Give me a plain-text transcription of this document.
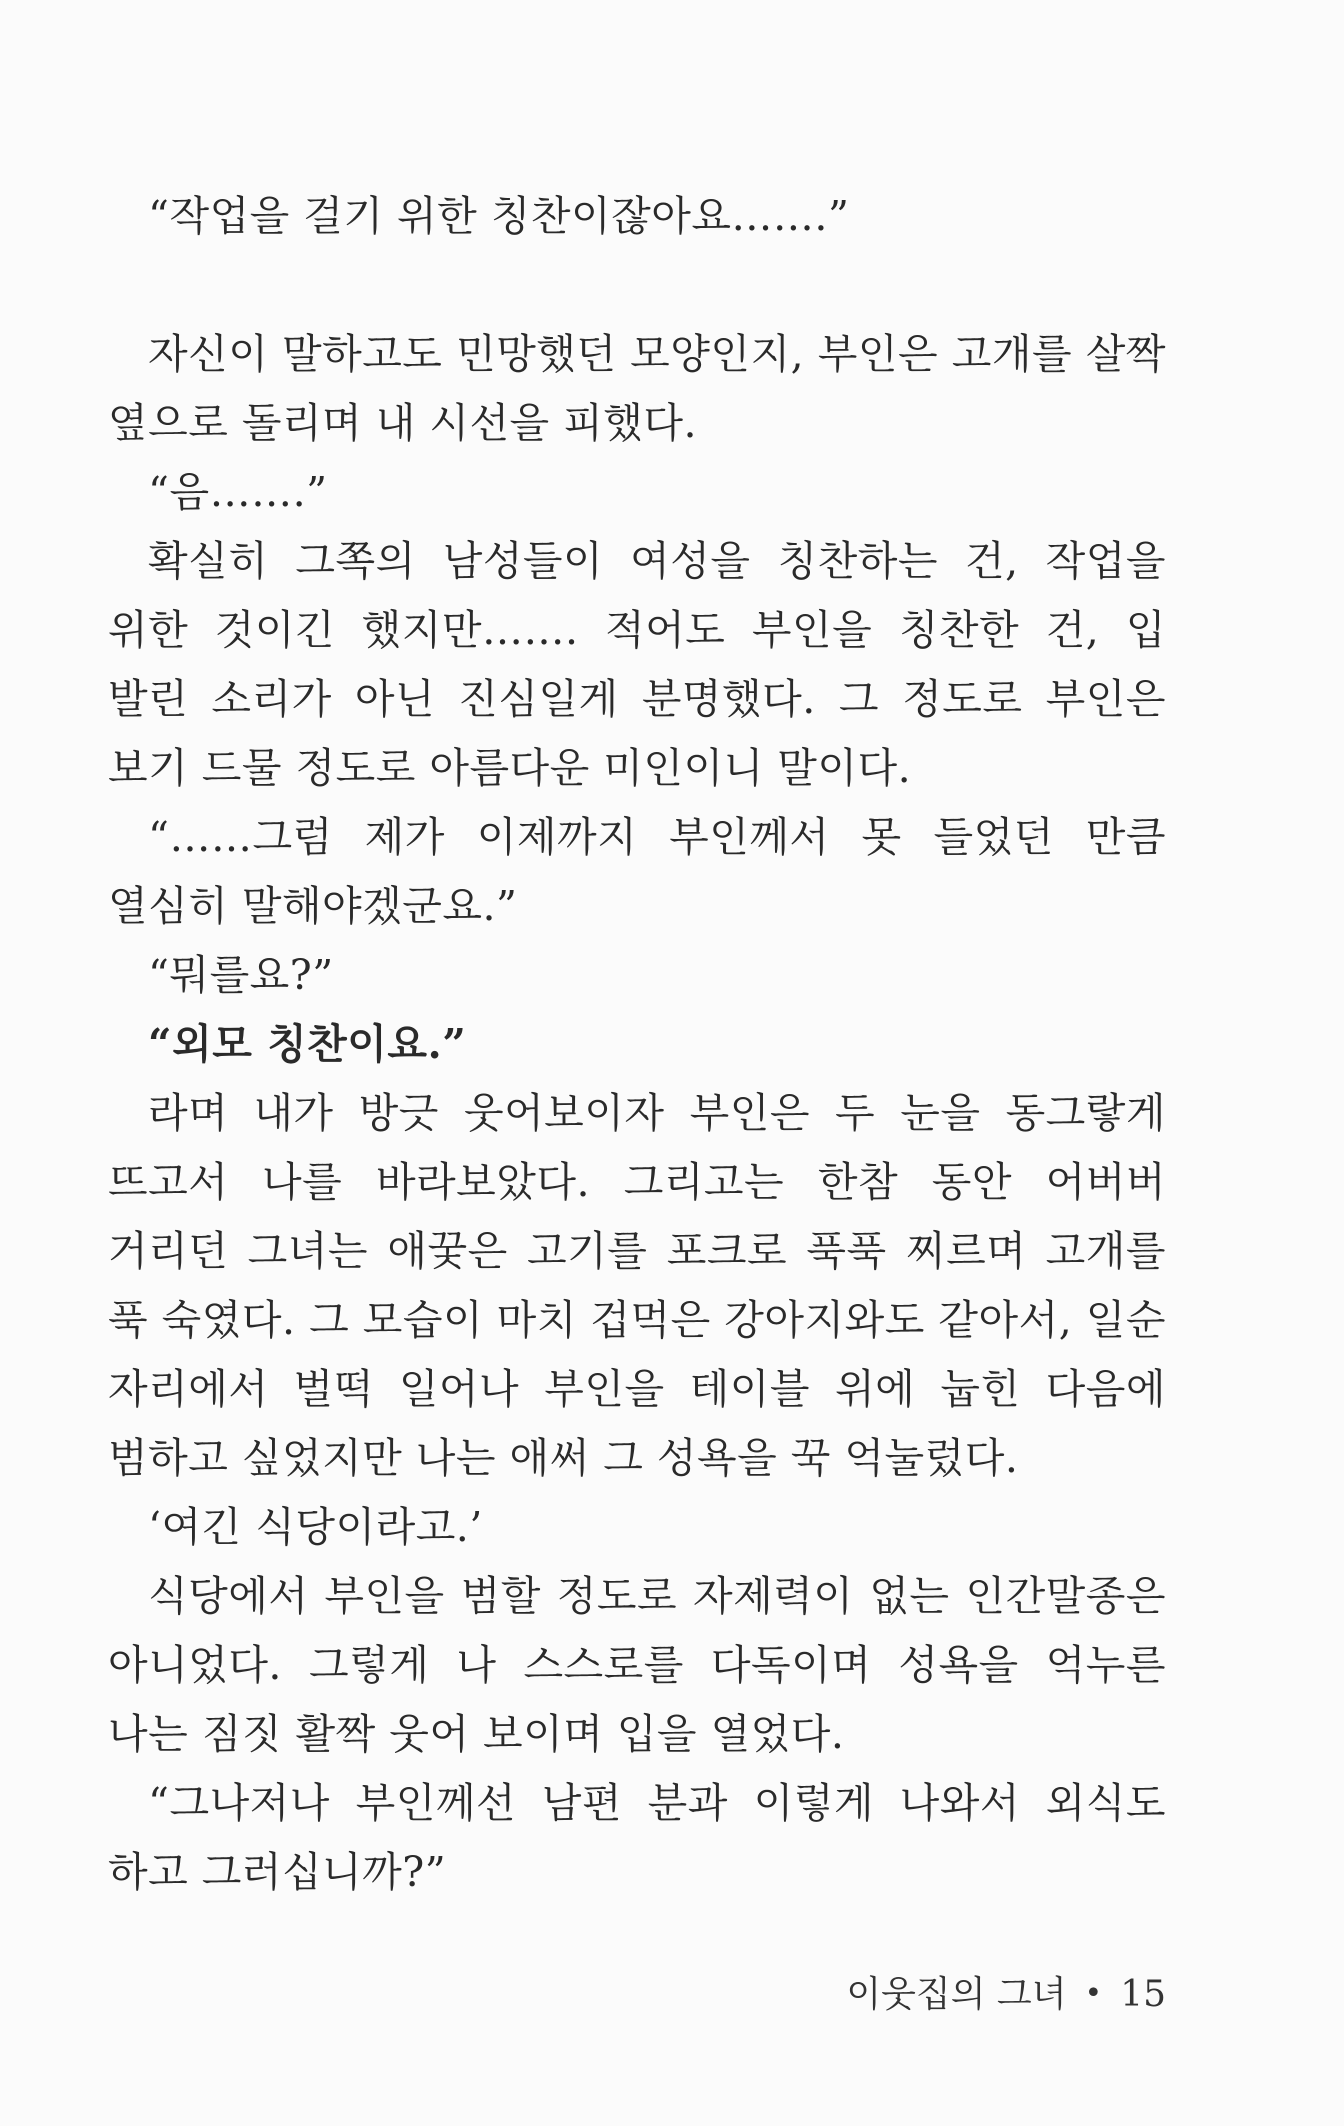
“작업을 걸기 위한 칭찬이잖아요…….”

자신이 말하고도 민망했던 모양인지, 부인은 고개를 살짝 옆으로 돌리며 내 시선을 피했다.

“음…….”

확실히 그쪽의 남성들이 여성을 칭찬하는 건, 작업을 위한 것이긴 했지만……. 적어도 부인을 칭찬한 건, 입 발린 소리가 아닌 진심일게 분명했다. 그 정도로 부인은 보기 드물 정도로 아름다운 미인이니 말이다.

“……그럼 제가 이제까지 부인께서 못 들었던 만큼 열심히 말해야겠군요.”

“뭐를요?”

“외모 칭찬이요.”

라며 내가 방긋 웃어보이자 부인은 두 눈을 동그랗게 뜨고서 나를 바라보았다. 그리고는 한참 동안 어버버 거리던 그녀는 애꿎은 고기를 포크로 푹푹 찌르며 고개를 푹 숙였다. 그 모습이 마치 겁먹은 강아지와도 같아서, 일순 자리에서 벌떡 일어나 부인을 테이블 위에 눕힌 다음에 범하고 싶었지만 나는 애써 그 성욕을 꾹 억눌렀다.

‘여긴 식당이라고.’

식당에서 부인을 범할 정도로 자제력이 없는 인간말종은 아니었다. 그렇게 나 스스로를 다독이며 성욕을 억누른 나는 짐짓 활짝 웃어 보이며 입을 열었다.

“그나저나 부인께선 남편 분과 이렇게 나와서 외식도 하고 그러십니까?”

이웃집의 그녀 • 15
